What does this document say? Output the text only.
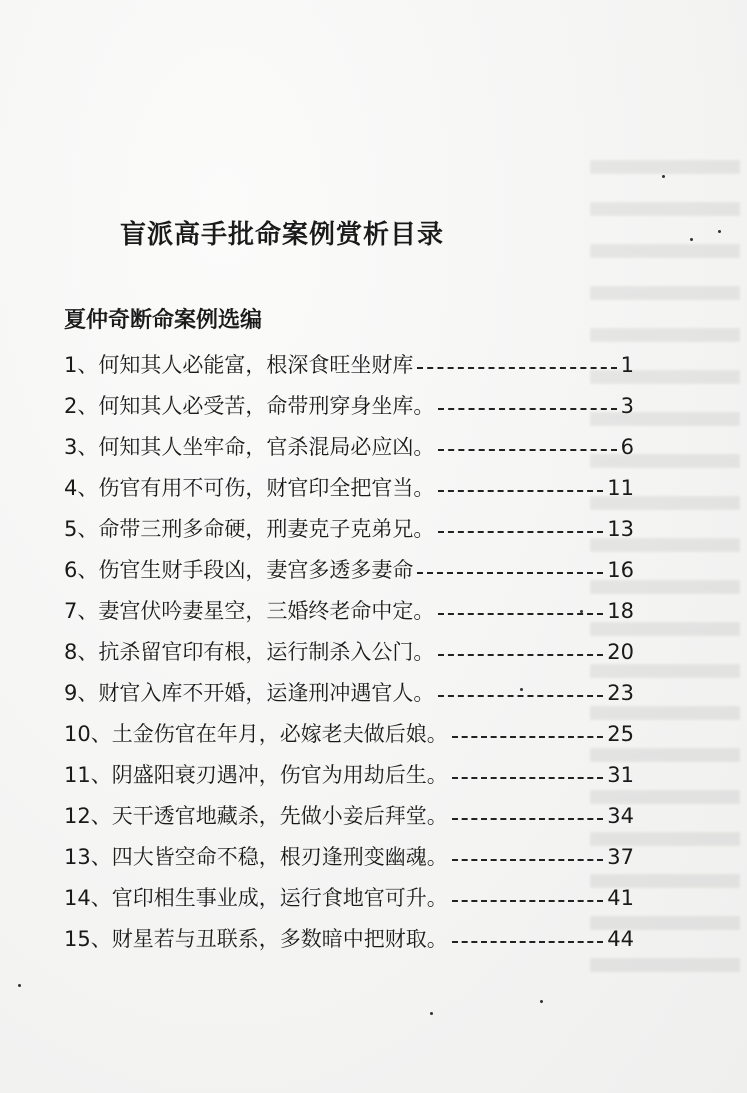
盲派高手批命案例赏析目录
夏仲奇断命案例选编
1、 何知其人必能富，根深食旺坐财库	1
2、 何知其人必受苦，命带刑穿身坐库。	3
3、 何知其人坐牢命，官杀混局必应凶。	6
4、 伤官有用不可伤，财官印全把官当。	11
5、 命带三刑多命硬，刑妻克子克弟兄。	13
6、 伤官生财手段凶，妻宫多透多妻命	16
7、 妻宫伏吟妻星空，三婚终老命中定。	18
8、 抗杀留官印有根，运行制杀入公门。	20
9、 财官入库不开婚，运逢刑冲遇官人。	23
10、 土金伤官在年月，必嫁老夫做后娘。	25
11、 阴盛阳衰刃遇冲，伤官为用劫后生。	31
12、 天干透官地藏杀，先做小妾后拜堂。	34
13、 四大皆空命不稳，根刃逢刑变幽魂。	37
14、 官印相生事业成，运行食地官可升。	41
15、 财星若与丑联系，多数暗中把财取。	44
